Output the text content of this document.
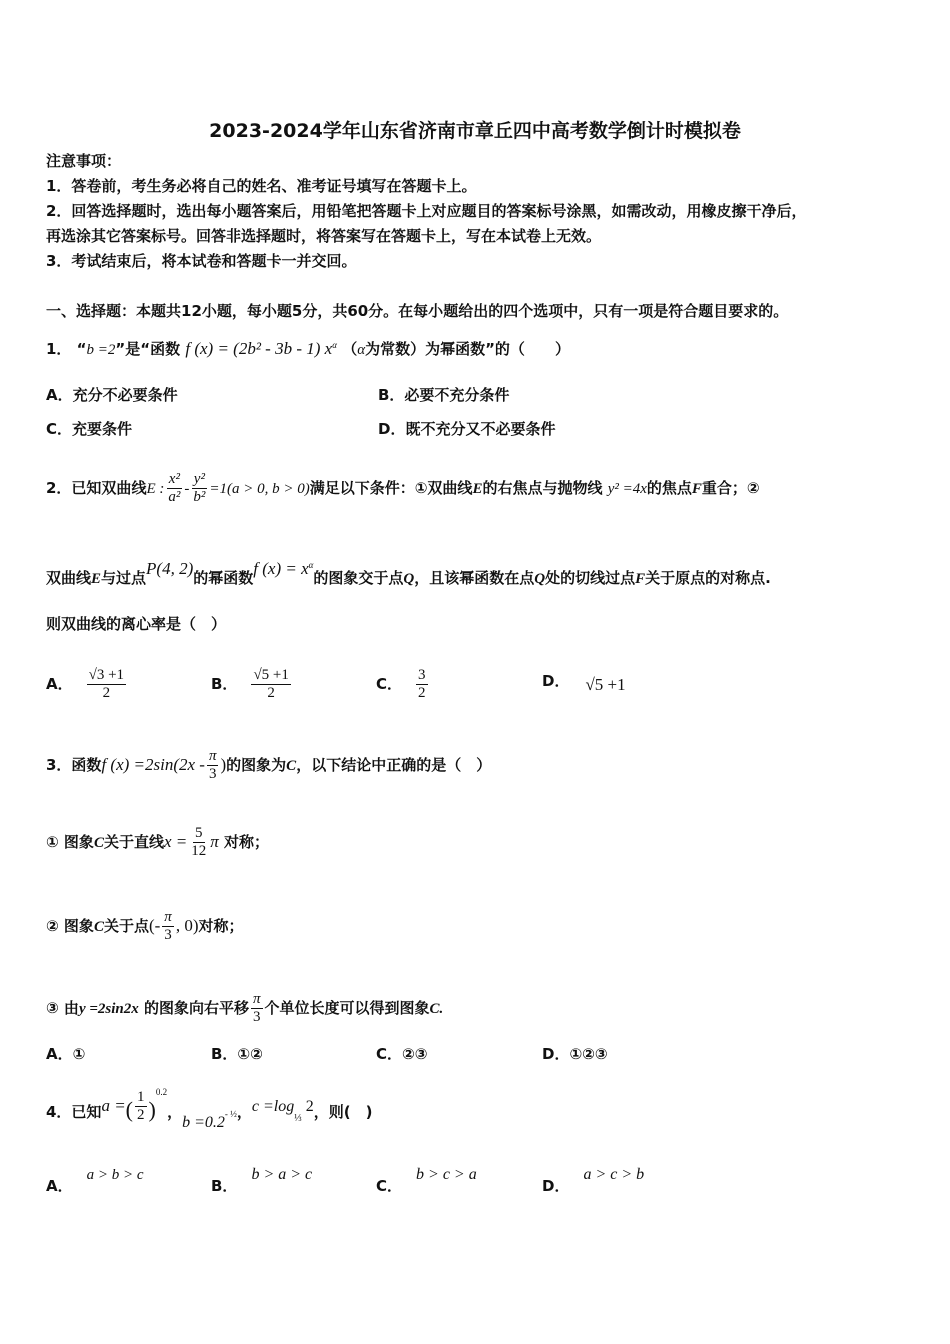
2023-2024学年山东省济南市章丘四中高考数学倒计时模拟卷
注意事项：
1．答卷前，考生务必将自己的姓名、准考证号填写在答题卡上。
2．回答选择题时，选出每小题答案后，用铅笔把答题卡上对应题目的答案标号涂黑，如需改动，用橡皮擦干净后，
再选涂其它答案标号。回答非选择题时，将答案写在答题卡上，写在本试卷上无效。
3．考试结束后，将本试卷和答题卡一并交回。
一、选择题：本题共12小题，每小题5分，共60分。在每小题给出的四个选项中，只有一项是符合题目要求的。
1． “b =2”是“函数 f (x) = (2b² - 3b - 1) $x^\alpha$ （α为常数）为幂函数”的（　　）
A．充分不必要条件	B．必要不充分条件
C．充要条件	D．既不充分又不必要条件
2．已知双曲线E : $\frac{\text{x²}}{\text{a²}} - \frac{\text{y²}}{\text{b²}} =1(a > 0$, b > 0)满足以下条件：①双曲线E的右焦点与抛物线 y² =4x的焦点F重合；②
双曲线E与过点P(4, 2)的幂函数f $(x) = x^\alpha$的图象交于点Q，且该幂函数在点Q处的切线过点F关于原点的对称点.
则双曲线的离心率是（　）
A． $\frac{√3 +1}{2}$	B． $\frac{√5 +1}{2}$	C． $\frac{3}{2}$	D． √5 +1
3．函数f $(x) =2\sin(2x - \frac{\pi}{3}$ )的图象为C，以下结论中正确的是（　）
① 图象C关于直线$x = \frac{5}{12}$ π 对称；
② 图象C关于点(- $\frac{\pi}{3}$ , 0)对称；
③ 由y =2sin2x 的图象向右平移 $\frac{\pi}{3}$ 个单位长度可以得到图象C.
A．①	B．①②	C．②③	D．①②③
4．已知a =( $\frac{1}{2} )^{0.2}$，b =0.2- ½，$c =\log_{\frac{1}{3}}$ 2，则(　)
A．a > b > c
B．b > a > c
C．b > c > a
D．a > c > b
